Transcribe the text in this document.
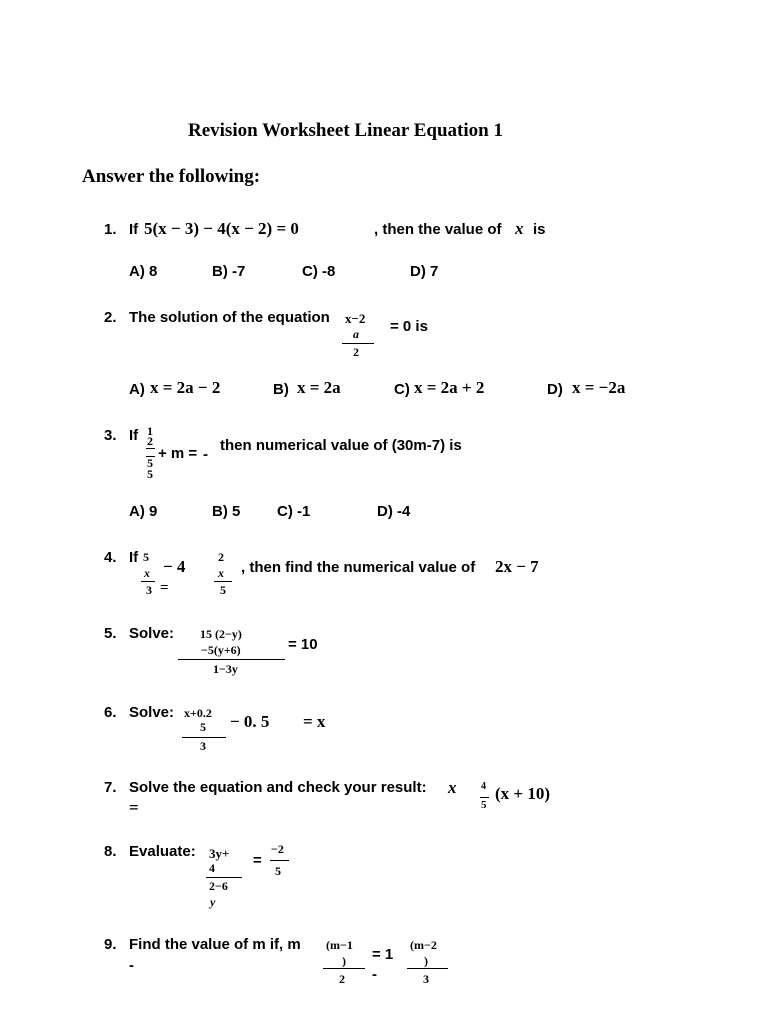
Revision Worksheet Linear Equation 1
Answer the following:
1. If 5(x − 3) − 4(x − 2) = 0	, then the value of x is
A) 8	B) -7	C) -8	D) 7
2. The solution of the equation x−2
a
2
= 0 is
A) x = 2a − 2	B) x = 2a	C) x = 2a + 2	D) x = −2a
3. If 1
2
+ m = -
5
5
then numerical value of (30m-7) is
A) 9	B) 5 C) -1	D) -4
4. If 5
x
3
− 4
=
2
x
5
, then find the numerical value of 2x − 7
5. Solve: 15 (2−y)
−5(y+6)
1−3y
= 10
6. Solve: x+0.2
5
3
− 0. 5 = x
7. Solve the equation and check your result: x
=
4
5
(x + 10)
8. Evaluate: 3y+
4
2−6
y
=
−2
5
9. Find the value of m if, m
-
(m−1
)
2
= 1
-
(m−2
)
3
